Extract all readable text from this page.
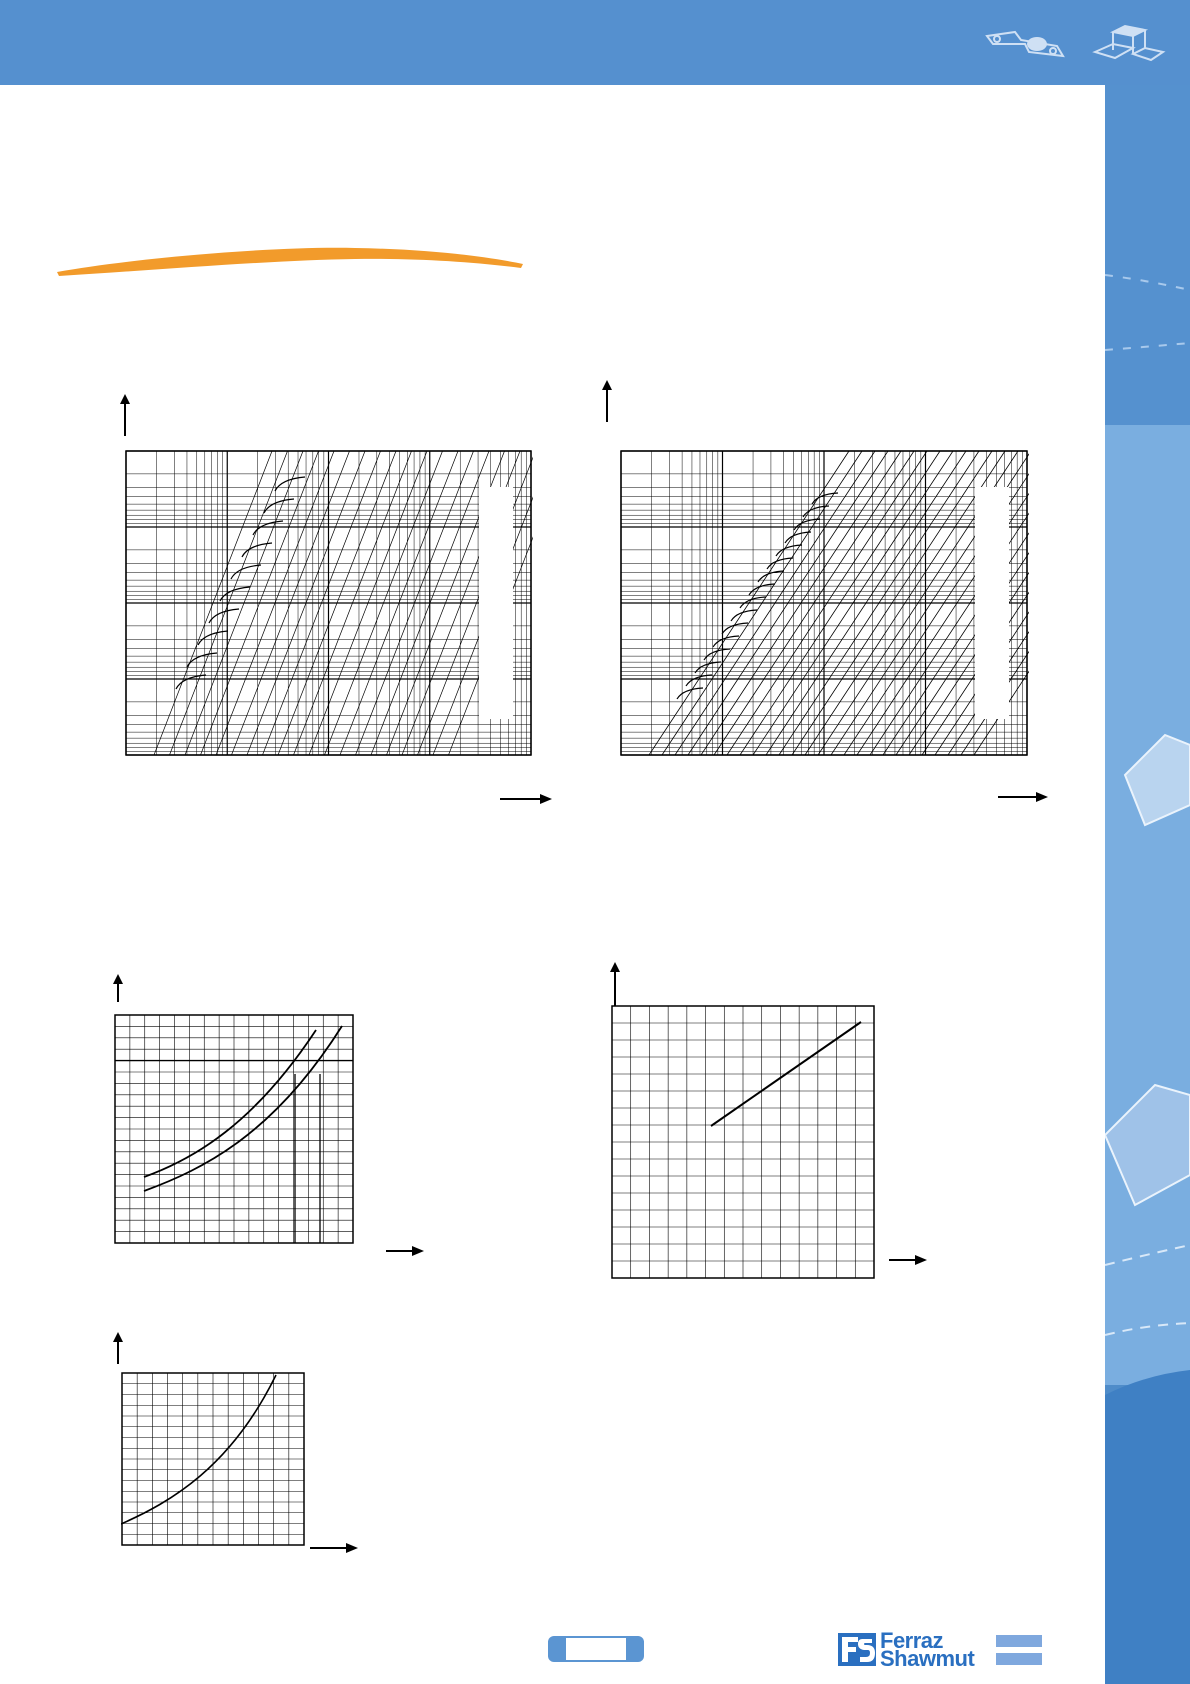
Ferraz
Shawmut
